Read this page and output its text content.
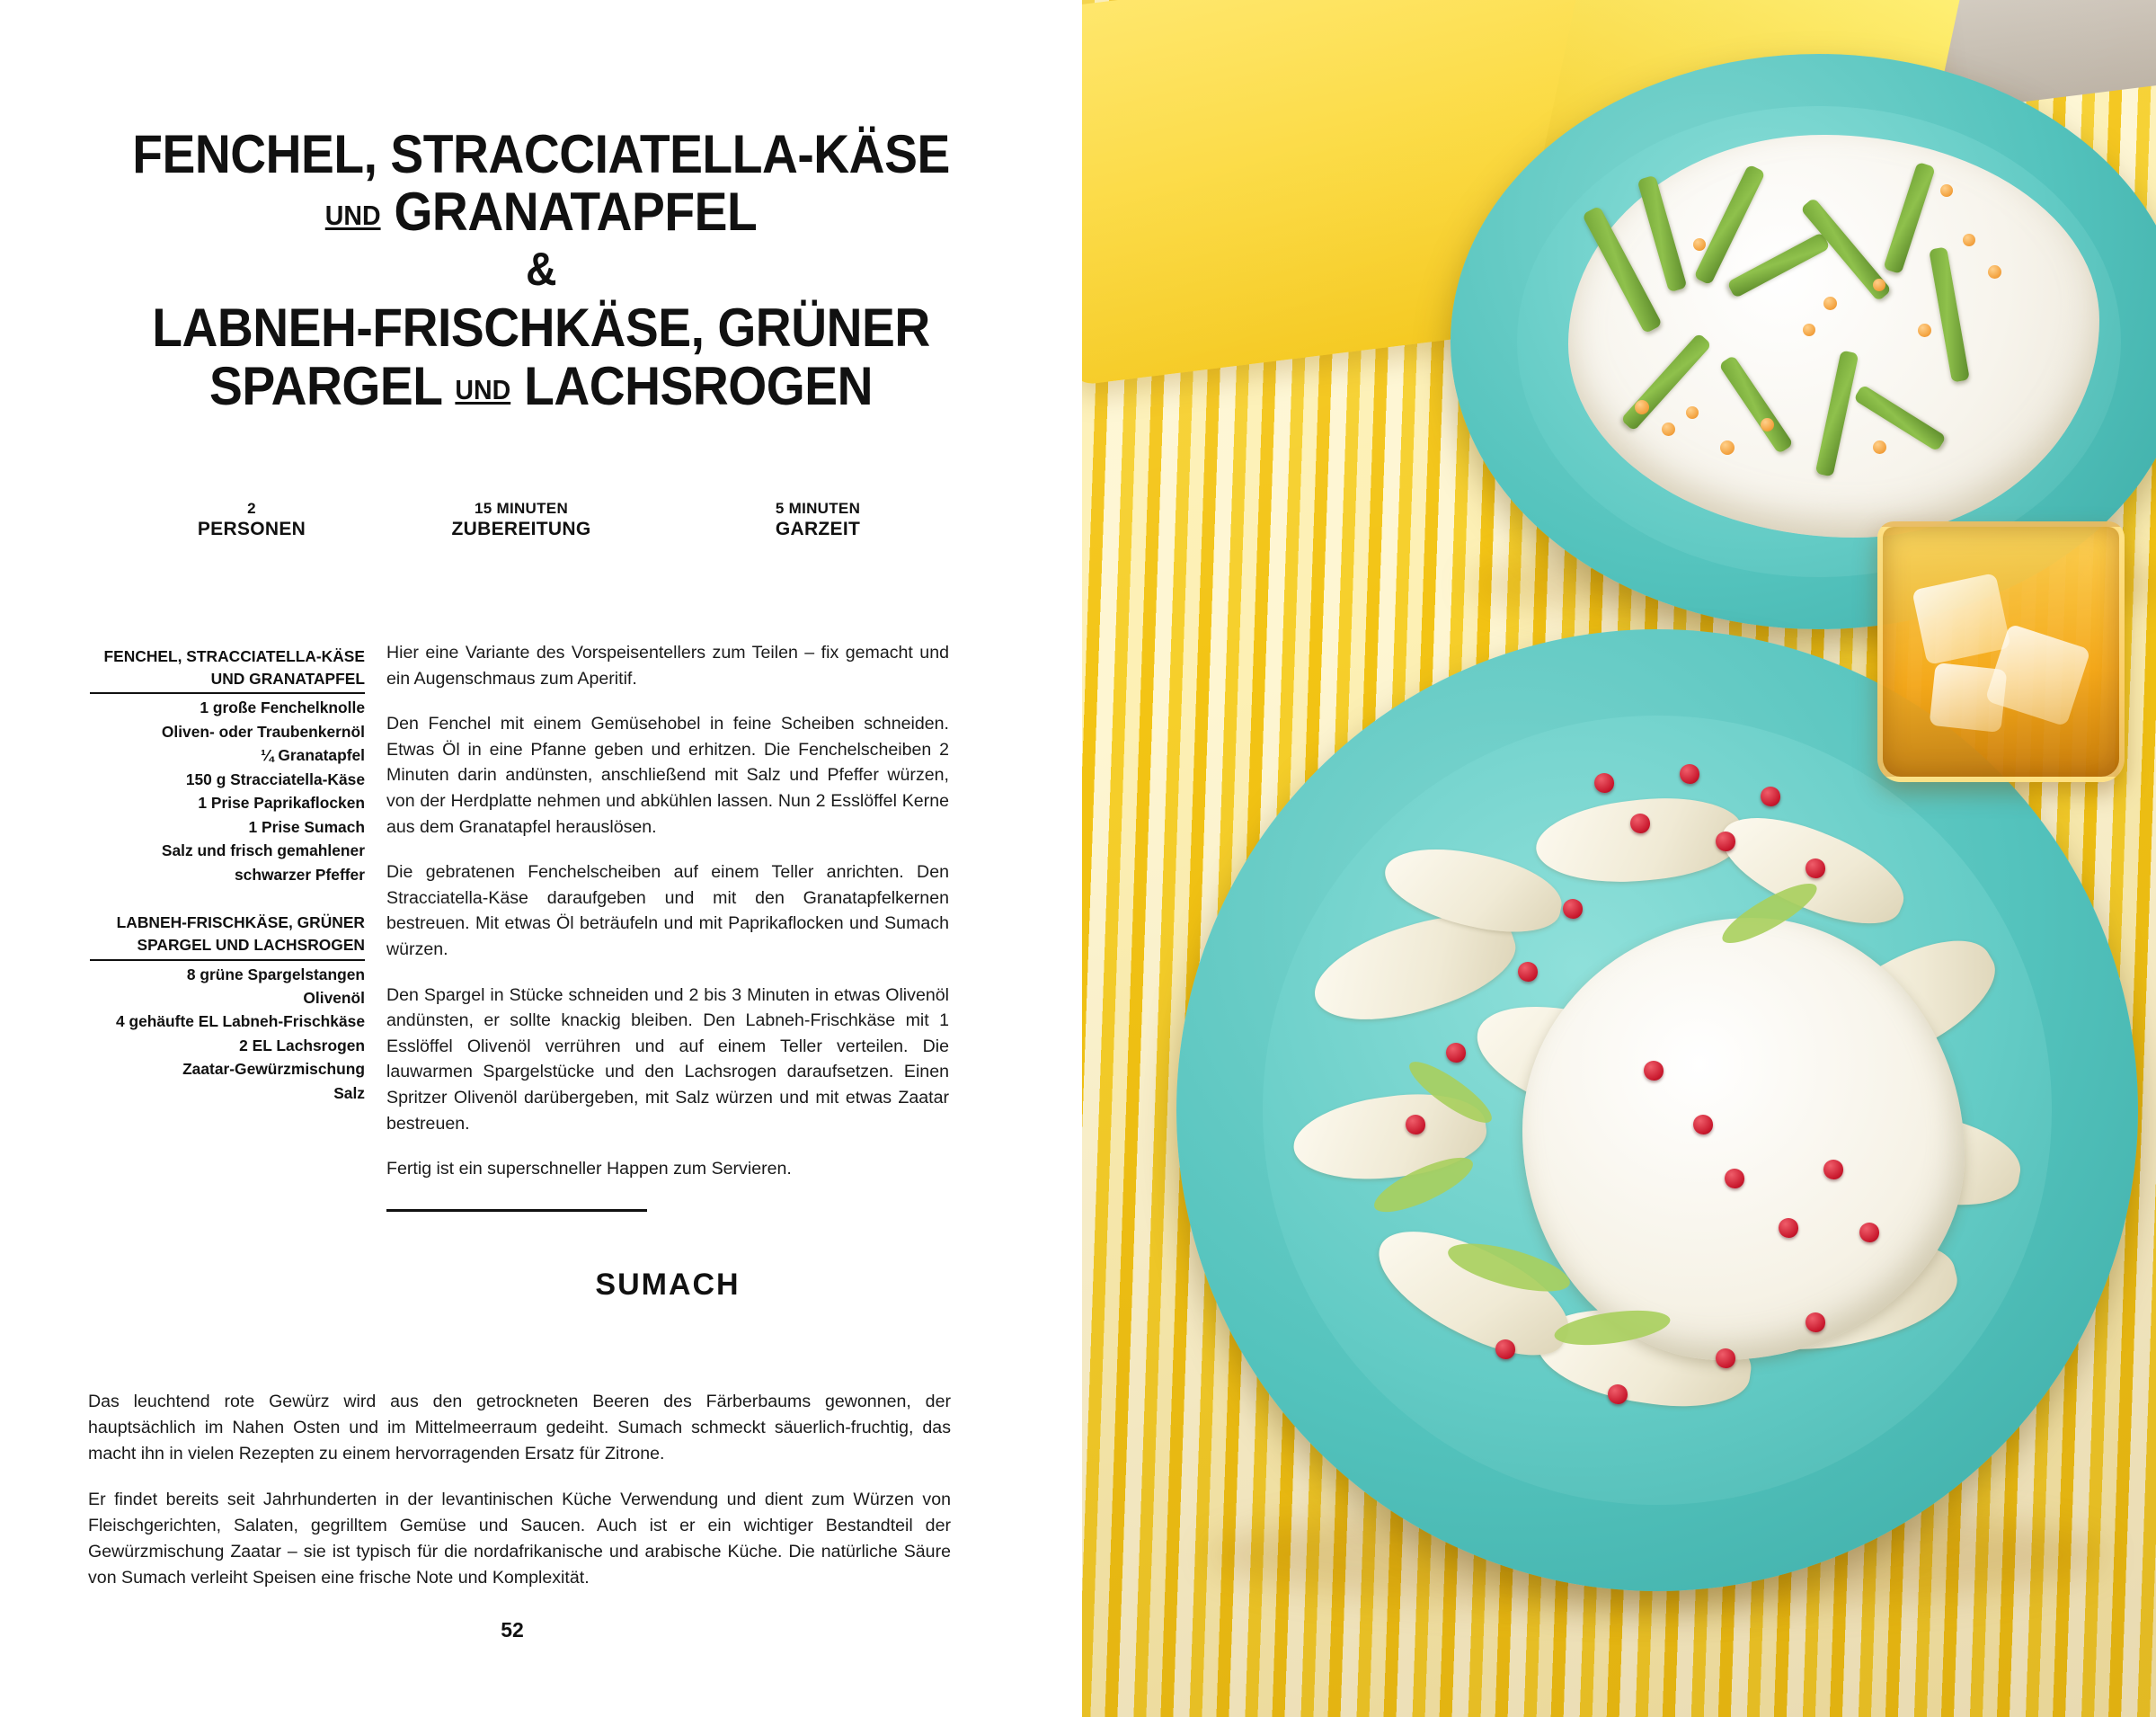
FENCHEL, STRACCIATELLA-KÄSE
UND GRANATAPFEL
&
LABNEH-FRISCHKÄSE, GRÜNER
SPARGEL UND LACHSROGEN
2
PERSONEN
15 MINUTEN
ZUBEREITUNG
5 MINUTEN
GARZEIT
FENCHEL, STRACCIATELLA-KÄSE UND GRANATAPFEL
1 große Fenchelknolle
Oliven- oder Traubenkernöl
¼ Granatapfel
150 g Stracciatella-Käse
1 Prise Paprikaflocken
1 Prise Sumach
Salz und frisch gemahlener schwarzer Pfeffer
LABNEH-FRISCHKÄSE, GRÜNER SPARGEL UND LACHSROGEN
8 grüne Spargelstangen
Olivenöl
4 gehäufte EL Labneh-Frischkäse
2 EL Lachsrogen
Zaatar-Gewürzmischung
Salz

Hier eine Variante des Vorspeisentellers zum Teilen – fix gemacht und ein Augenschmaus zum Aperitif.

Den Fenchel mit einem Gemüsehobel in feine Scheiben schneiden. Etwas Öl in eine Pfanne geben und erhitzen. Die Fenchelscheiben 2 Minuten darin andünsten, anschließend mit Salz und Pfeffer würzen, von der Herdplatte nehmen und abkühlen lassen. Nun 2 Esslöffel Kerne aus dem Granatapfel herauslösen.

Die gebratenen Fenchelscheiben auf einem Teller anrichten. Den Stracciatella-Käse daraufgeben und mit den Granatapfelkernen bestreuen. Mit etwas Öl beträufeln und mit Paprikaflocken und Sumach würzen.

Den Spargel in Stücke schneiden und 2 bis 3 Minuten in etwas Olivenöl andünsten, er sollte knackig bleiben. Den Labneh-Frischkäse mit 1 Esslöffel Olivenöl verrühren und auf einem Teller verteilen. Die lauwarmen Spargelstücke und den Lachsrogen daraufsetzen. Einen Spritzer Olivenöl darübergeben, mit Salz würzen und mit etwas Zaatar bestreuen.

Fertig ist ein superschneller Happen zum Servieren.

SUMACH

Das leuchtend rote Gewürz wird aus den getrockneten Beeren des Färberbaums gewonnen, der hauptsächlich im Nahen Osten und im Mittelmeerraum gedeiht. Sumach schmeckt säuerlich-fruchtig, das macht ihn in vielen Rezepten zu einem hervorragenden Ersatz für Zitrone.

Er findet bereits seit Jahrhunderten in der levantinischen Küche Verwendung und dient zum Würzen von Fleischgerichten, Salaten, gegrilltem Gemüse und Saucen. Auch ist er ein wichtiger Bestandteil der Gewürzmischung Zaatar – sie ist typisch für die nordafrikanische und arabische Küche. Die natürliche Säure von Sumach verleiht Speisen eine frische Note und Komplexität.

52
